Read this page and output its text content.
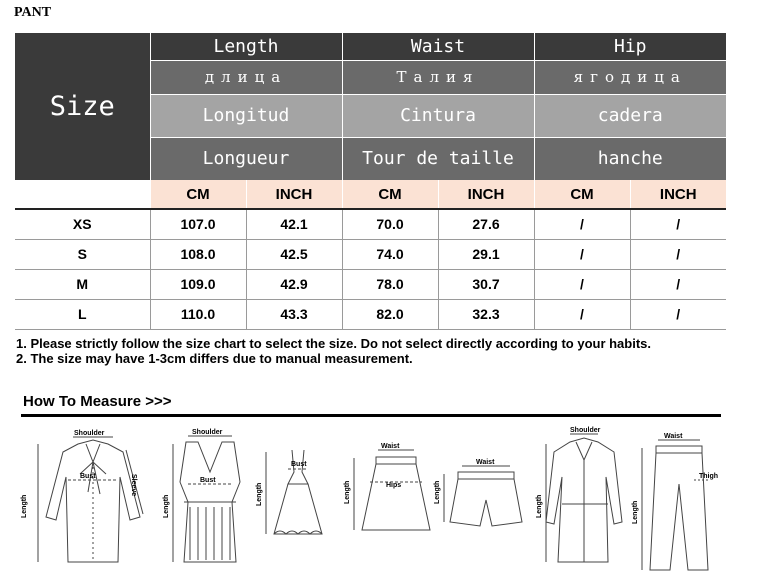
PANT
Size	Length		Waist		Hip	
	длица		Талия		ягодица	
	Longitud		Cintura		cadera	
	Longueur		Tour de taille		hanche	
	CM	INCH	CM	INCH	CM	INCH
XS	107.0	42.1	70.0	27.6	/	/
S	108.0	42.5	74.0	29.1	/	/
M	109.0	42.9	78.0	30.7	/	/
L	110.0	43.3	82.0	32.3	/	/

1. Please strictly follow the size chart to select the size. Do not select directly according to your habits.

2. The size may have 1-3cm differs due to manual measurement.

How To Measure >>>
Shoulder
Bust
Length
Sleeve
Shoulder
Bust
Length
Bust
Length
Waist
Hips
Length
Waist
Length
Shoulder
Length
Waist
Thigh
Length
